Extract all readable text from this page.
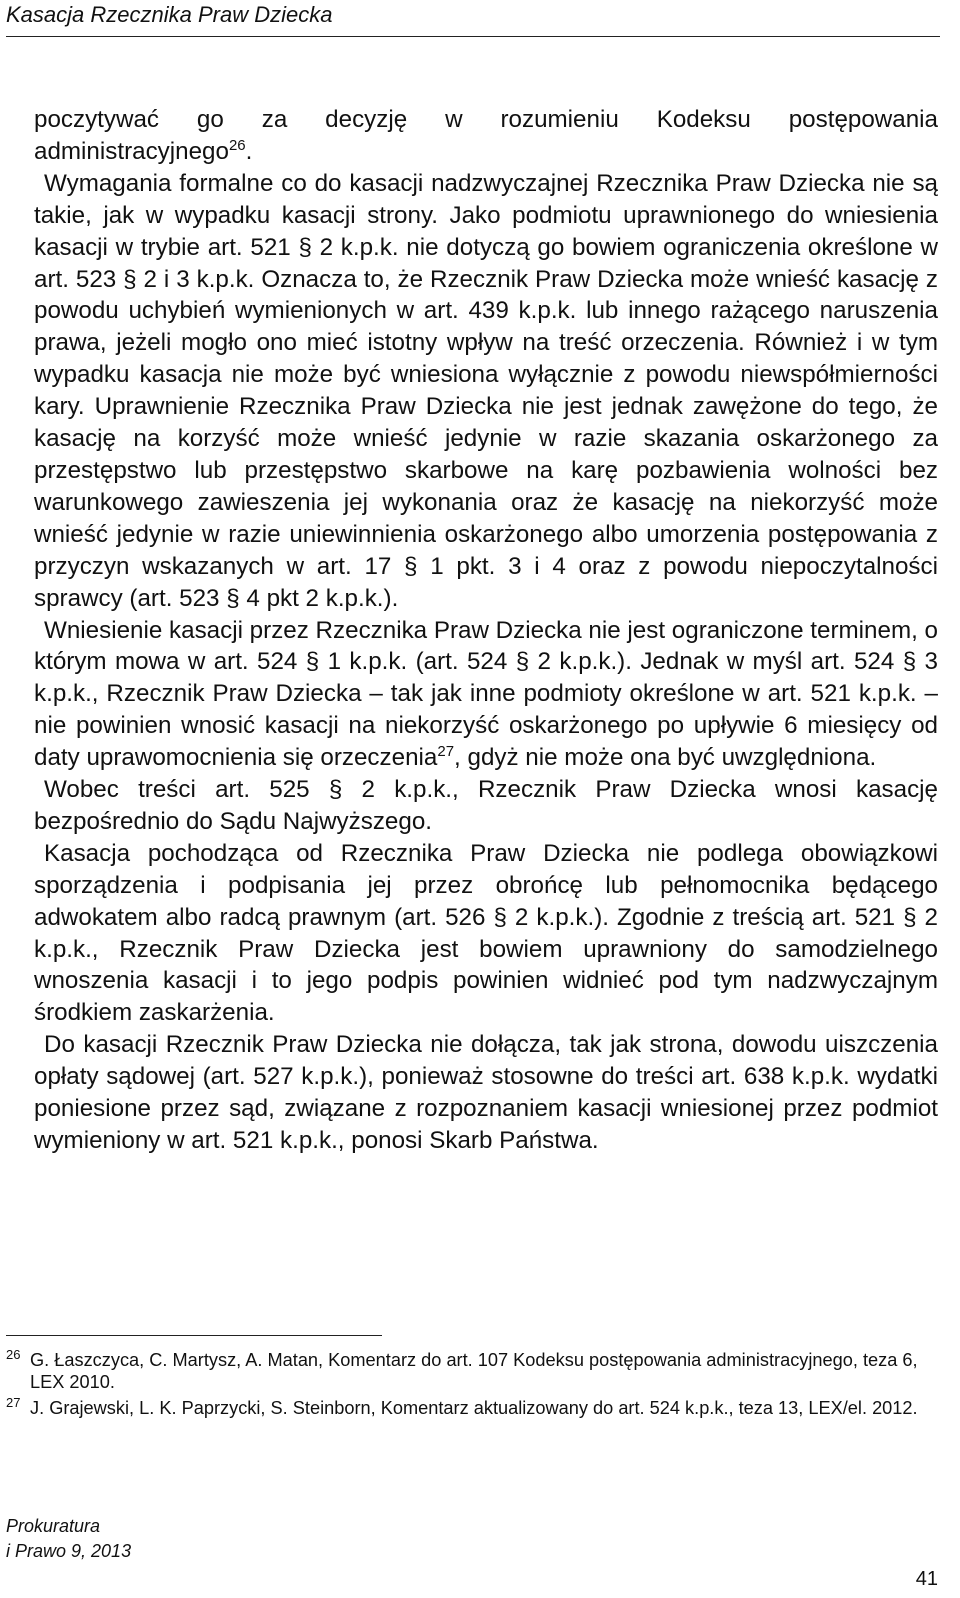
Kasacja Rzecznika Praw Dziecka

poczytywać go za decyzję w rozumieniu Kodeksu postępowania administracyjnego$^{26}$.

Wymagania formalne co do kasacji nadzwyczajnej Rzecznika Praw Dziecka nie są takie, jak w wypadku kasacji strony. Jako podmiotu uprawnionego do wniesienia kasacji w trybie art. 521 § 2 k.p.k. nie dotyczą go bowiem ograniczenia określone w art. 523 § 2 i 3 k.p.k. Oznacza to, że Rzecznik Praw Dziecka może wnieść kasację z powodu uchybień wymienionych w art. 439 k.p.k. lub innego rażącego naruszenia prawa, jeżeli mogło ono mieć istotny wpływ na treść orzeczenia. Również i w tym wypadku kasacja nie może być wniesiona wyłącznie z powodu niewspółmierności kary. Uprawnienie Rzecznika Praw Dziecka nie jest jednak zawężone do tego, że kasację na korzyść może wnieść jedynie w razie skazania oskarżonego za przestępstwo lub przestępstwo skarbowe na karę pozbawienia wolności bez warunkowego zawieszenia jej wykonania oraz że kasację na niekorzyść może wnieść jedynie w razie uniewinnienia oskarżonego albo umorzenia postępowania z przyczyn wskazanych w art. 17 § 1 pkt. 3 i 4 oraz z powodu niepoczytalności sprawcy (art. 523 § 4 pkt 2 k.p.k.).

Wniesienie kasacji przez Rzecznika Praw Dziecka nie jest ograniczone terminem, o którym mowa w art. 524 § 1 k.p.k. (art. 524 § 2 k.p.k.). Jednak w myśl art. 524 § 3 k.p.k., Rzecznik Praw Dziecka – tak jak inne podmioty określone w art. 521 k.p.k. – nie powinien wnosić kasacji na niekorzyść oskarżonego po upływie 6 miesięcy od daty uprawomocnienia się orzeczenia$^{27}$, gdyż nie może ona być uwzględniona.

Wobec treści art. 525 § 2 k.p.k., Rzecznik Praw Dziecka wnosi kasację bezpośrednio do Sądu Najwyższego.

Kasacja pochodząca od Rzecznika Praw Dziecka nie podlega obowiązkowi sporządzenia i podpisania jej przez obrońcę lub pełnomocnika będącego adwokatem albo radcą prawnym (art. 526 § 2 k.p.k.). Zgodnie z treścią art. 521 § 2 k.p.k., Rzecznik Praw Dziecka jest bowiem uprawniony do samodzielnego wnoszenia kasacji i to jego podpis powinien widnieć pod tym nadzwyczajnym środkiem zaskarżenia.

Do kasacji Rzecznik Praw Dziecka nie dołącza, tak jak strona, dowodu uiszczenia opłaty sądowej (art. 527 k.p.k.), ponieważ stosowne do treści art. 638 k.p.k. wydatki poniesione przez sąd, związane z rozpoznaniem kasacji wniesionej przez podmiot wymieniony w art. 521 k.p.k., ponosi Skarb Państwa.

26 G. Łaszczyca, C. Martysz, A. Matan, Komentarz do art. 107 Kodeksu postępowania administracyjnego, teza 6, LEX 2010.
27 J. Grajewski, L. K. Paprzycki, S. Steinborn, Komentarz aktualizowany do art. 524 k.p.k., teza 13, LEX/el. 2012.
Prokuratura
i Prawo 9, 2013
41
